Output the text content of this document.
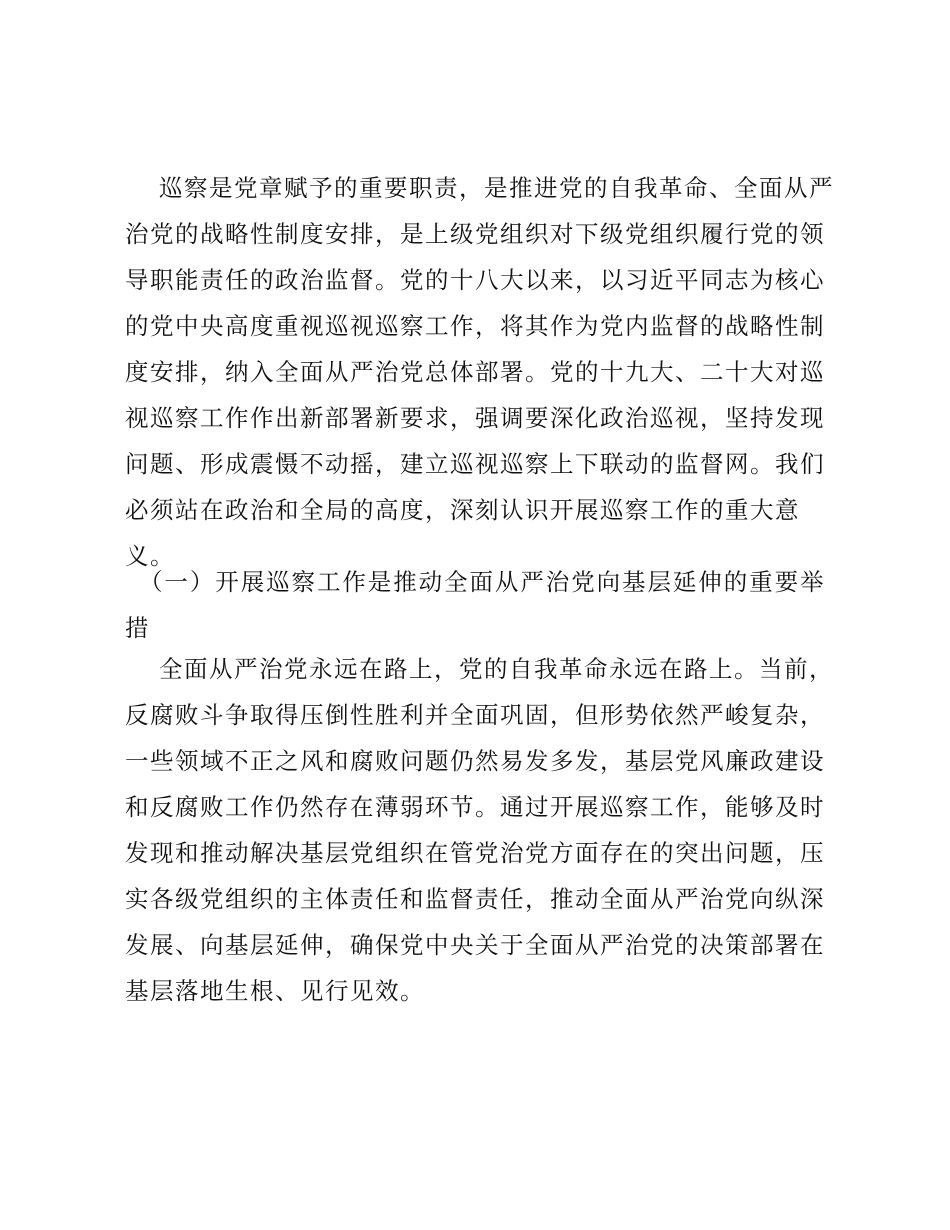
巡察是党章赋予的重要职责，是推进党的自我革命、全面从严
治党的战略性制度安排，是上级党组织对下级党组织履行党的领
导职能责任的政治监督。党的十八大以来，以习近平同志为核心
的党中央高度重视巡视巡察工作，将其作为党内监督的战略性制
度安排，纳入全面从严治党总体部署。党的十九大、二十大对巡
视巡察工作作出新部署新要求，强调要深化政治巡视，坚持发现
问题、形成震慑不动摇，建立巡视巡察上下联动的监督网。我们
必须站在政治和全局的高度，深刻认识开展巡察工作的重大意
义。
（一）开展巡察工作是推动全面从严治党向基层延伸的重要举
措
全面从严治党永远在路上，党的自我革命永远在路上。当前，
反腐败斗争取得压倒性胜利并全面巩固，但形势依然严峻复杂，
一些领域不正之风和腐败问题仍然易发多发，基层党风廉政建设
和反腐败工作仍然存在薄弱环节。通过开展巡察工作，能够及时
发现和推动解决基层党组织在管党治党方面存在的突出问题，压
实各级党组织的主体责任和监督责任，推动全面从严治党向纵深
发展、向基层延伸，确保党中央关于全面从严治党的决策部署在
基层落地生根、见行见效。
